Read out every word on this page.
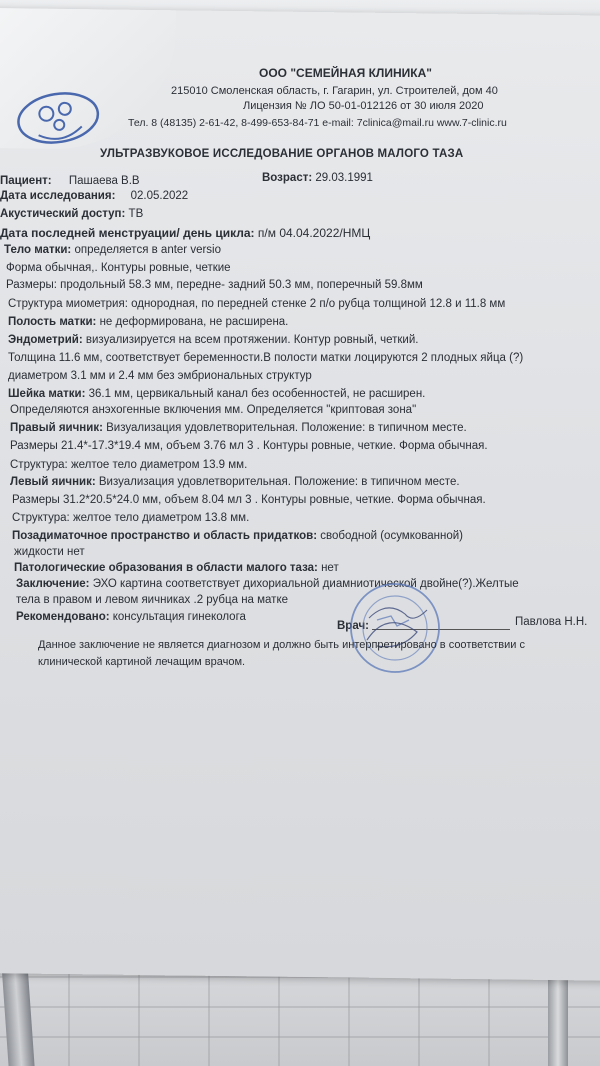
ООО "СЕМЕЙНАЯ КЛИНИКА"
215010 Смоленская область, г. Гагарин, ул. Строителей, дом 40
Лицензия № ЛО 50-01-012126 от 30 июля 2020
Тел. 8 (48135) 2-61-42, 8-499-653-84-71 e-mail: 7clinica@mail.ru www.7-clinic.ru
УЛЬТРАЗВУКОВОЕ ИССЛЕДОВАНИЕ ОРГАНОВ МАЛОГО ТАЗА
Пациент: Пашаева В.В	Возраст: 29.03.1991
Дата исследования: 02.05.2022
Акустический доступ: ТВ
Дата последней менструации/ день цикла: п/м 04.04.2022/НМЦ
Тело матки: определяется в anter versio
Форма обычная,. Контуры ровные, четкие
Размеры: продольный 58.3 мм, передне- задний 50.3 мм, поперечный 59.8мм
Структура миометрия: однородная, по передней стенке 2 п/о рубца толщиной 12.8 и 11.8 мм
Полость матки: не деформирована, не расширена.
Эндометрий: визуализируется на всем протяжении. Контур ровный, четкий.
Толщина 11.6 мм, соответствует беременности.В полости матки лоцируются 2 плодных яйца (?)
диаметром 3.1 мм и 2.4 мм без эмбриональных структур
Шейка матки: 36.1 мм, цервикальный канал без особенностей, не расширен.
Определяются анэхогенные включения мм. Определяется "криптовая зона"
Правый яичник: Визуализация удовлетворительная. Положение: в типичном месте.
Размеры 21.4*-17.3*19.4 мм, объем 3.76 мл 3 . Контуры ровные, четкие. Форма обычная.
Структура: желтое тело диаметром 13.9 мм.
Левый яичник: Визуализация удовлетворительная. Положение: в типичном месте.
Размеры 31.2*20.5*24.0 мм, объем 8.04 мл 3 . Контуры ровные, четкие. Форма обычная.
Структура: желтое тело диаметром 13.8 мм.
Позадиматочное пространство и область придатков: свободной (осумкованной)
жидкости нет
Патологические образования в области малого таза: нет
Заключение: ЭХО картина соответствует дихориальной диамниотической двойне(?).Желтые
тела в правом и левом яичниках .2 рубца на матке
Рекомендовано: консультация гинеколога
Врач:	Павлова Н.Н.
Данное заключение не является диагнозом и должно быть интерпретировано в соответствии с
клинической картиной лечащим врачом.
